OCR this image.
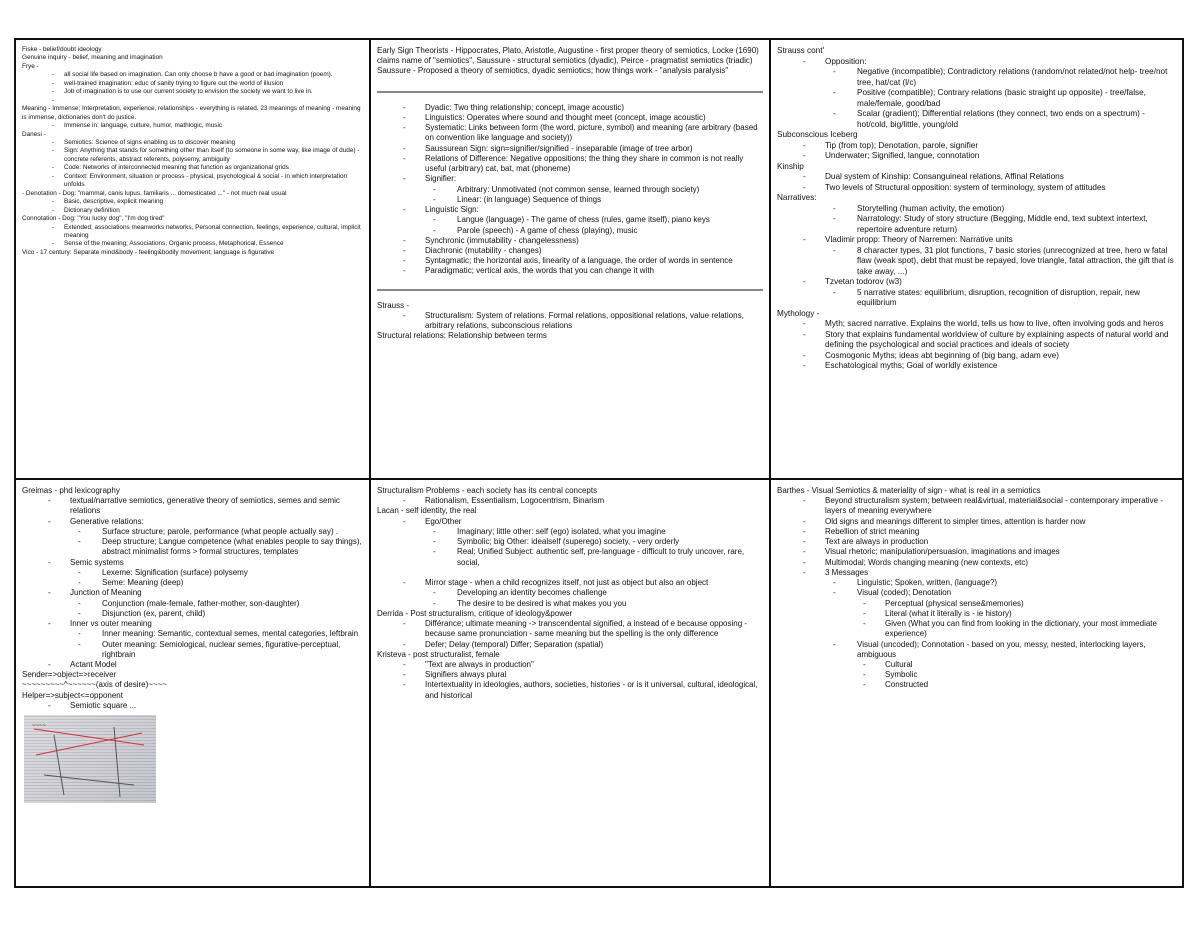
Fiske - belief/doubt ideology
Genuine inquiry - belief, meaning and imagination
Frye -
- all social life based on imagination. Can only choose b have a good or bad imagination (poem).
- well-trained imagination: educ of sanity trying to figure out the world of illusion
- Job of imagination is to use our current society to envision the society we want to live in.
-
Meaning - Immense; Interpretation, experience, relationships - everything is related. 23 meanings of meaning - meaning is immense, dictionaries don't do justice.
- Immense in: language, culture, humor, mathlogic, music
Danesi -
- Semiotics: Science of signs enabling us to discover meaning
- Sign: Anything that stands for something other than itself (to someone in some way, like image of dude) - concrete referents, abstract referents, polysemy, ambiguity
- Code: Networks of interconnected meaning that function as organizational grids
- Context: Environment, situation or process - physical, psychological & social - in which interpretation unfolds
- Denotation - Dog: "mammal, canis lupus, familiaris ... domesticated ..." - not much real usual
- Basic, descriptive, explicit meaning
- Dictionary definition
Connotation - Dog: "You lucky dog", "I'm dog tired"
- Extended; associations meanworks networks, Personal connection, feelings, experience, cultural, implicit meaning
- Sense of the meaning; Associations, Organic process, Metaphorical, Essence
Vico - 17 century: Separate mind&body - feeling&bodily movement; language is figurative
Early Sign Theorists - Hippocrates, Plato, Aristotle, Augustine - first proper theory of semiotics, Locke (1690) claims name of "semiotics", Saussure - structural semiotics (dyadic), Peirce - pragmatist semiotics (triadic) Saussure - Proposed a theory of semiotics, dyadic semiotics; how things work - "analysis paralysis"
- Dyadic: Two thing relationship; concept, image acoustic)
- Linguistics: Operates where sound and thought meet (concept, image acoustic)
- Systematic: Links between form (the word, picture, symbol) and meaning (are arbitrary (based on convention like language and society))
- Saussurean Sign: sign=signifier/signified - inseparable (image of tree arbor)
- Relations of Difference: Negative oppositions; the thing they share in common is not really useful (arbitrary) cat, bat, mat (phoneme)
- Signifier:
- Arbitrary: Unmotivated (not common sense, learned through society)
- Linear: (in language) Sequence of things
- Linguistic Sign:
- Langue (language) - The game of chess (rules, game itself), piano keys
- Parole (speech) - A game of chess (playing), music
- Synchronic (immutability - changelessness)
- Diachronic (mutability - changes)
- Syntagmatic; the horizontal axis, linearity of a language, the order of words in sentence
- Paradigmatic; vertical axis, the words that you can change it with
Strauss -
- Structuralism: System of relations. Formal relations, oppositional relations, value relations, arbitrary relations, subconscious relations
Structural relations: Relationship between terms
Strauss cont'
- Opposition:
- Negative (incompatible); Contradictory relations (random/not related/not help- tree/not tree, hat/cat (l/c)
- Positive (compatible); Contrary relations (basic straight up opposite) - tree/false, male/female, good/bad
- Scalar (gradient); Differential relations (they connect, two ends on a spectrum) - hot/cold, big/little, young/old
Subconscious Iceberg
- Tip (from top); Denotation, parole, signifier
- Underwater; Signified, langue, connotation
Kinship
- Dual system of Kinship: Consanguineal relations, Affinal Relations
- Two levels of Structural opposition: system of terminology, system of attitudes
Narratives:
- Storytelling (human activity, the emotion)
- Narratology: Study of story structure (Begging, Middle end, text subtext intertext, repertoire adventure return)
- Vladimir propp: Theory of Narremen: Narrative units
- 8 character types, 31 plot functions, 7 basic stories (unrecognized at tree, hero w fatal flaw (weak spot), debt that must be repayed, love triangle, fatal attraction, the gift that is take away, ...)
- Tzvetan todorov (w3)
- 5 narrative states: equilibrium, disruption, recognition of disruption, repair, new equilibrium
Mythology -
- Myth; sacred narrative. Explains the world, tells us how to live, often involving gods and heros
- Story that explains fundamental worldview of culture by explaining aspects of natural world and defining the psychological and social practices and ideals of society
- Cosmogonic Myths; ideas abt beginning of (big bang, adam eve)
- Eschatological myths; Goal of worldly existence
Greimas - phd lexicography
- textual/narrative semiotics, generative theory of semiotics, semes and semic relations
- Generative relations:
- Surface structure; parole, performance (what people actually say) .
- Deep structure; Langue competence (what enables people to say things), abstract minimalist forms > formal structures, templates
- Semic systems
- Lexeme: Signification (surface) polysemy
- Seme: Meaning (deep)
- Junction of Meaning
- Conjunction (male-female, father-mother, son-daughter)
- Disjunction (ex, parent, child)
- Inner vs outer meaning
- Inner meaning: Semantic, contextual semes, mental categories, leftbrain
- Outer meaning: Semiological, nuclear semes, figurative-perceptual, rightbrain
- Actant Model
Sender=>object=>receiver
~~~~~~~~~^~~~~~~(axis of desire)~~~~
Helper=>subject<=opponent
- Semiotic square ...
~~~~
Structuralism Problems - each society has its central concepts
- Rationalism, Essentialism, Logocentrism, Binarism
Lacan - self identity, the real
- Ego/Other
- Imaginary; little other: self (ego) isolated, what you imagine
- Symbolic; big Other: idealself (superego) society, - very orderly
- Real; Unified Subject: authentic self, pre-language - difficult to truly uncover, rare, social,

- Mirror stage - when a child recognizes itself, not just as object but also an object
- Developing an identity becomes challenge
- The desire to be desired is what makes you you
Derrida - Post structuralism, critique of ideology&power
- Différance; ultimate meaning -> transcendental signified, a instead of e because opposing - because same pronunciation - same meaning but the spelling is the only difference
- Defer; Delay (temporal) Differ; Separation (spatial)
Kristeva - post structuralist, female
- "Text are always in production"
- Signifiers always plural
- Intertextuality in ideologies, authors, societies, histories - or is it universal, cultural, ideological, and historical
Barthes - Visual Semiotics & materiality of sign - what is real in a semiotics
- Beyond structuralism system; between real&virtual, material&social - contemporary imperative - layers of meaning everywhere
- Old signs and meanings different to simpler times, attention is harder now
- Rebellion of strict meaning
- Text are always in production
- Visual rhetoric; manipulation/persuasion, imaginations and images
- Multimodal; Words changing meaning (new contexts, etc)
- 3 Messages
- Linguistic; Spoken, written, (language?)
- Visual (coded); Denotation
- Perceptual (physical sense&memories)
- Literal (what it literally is - ie history)
- Given (What you can find from looking in the dictionary, your most immediate experience)
- Visual (uncoded); Connotation - based on you, messy, nested, interlocking layers, ambiguous
- Cultural
- Symbolic
- Constructed
